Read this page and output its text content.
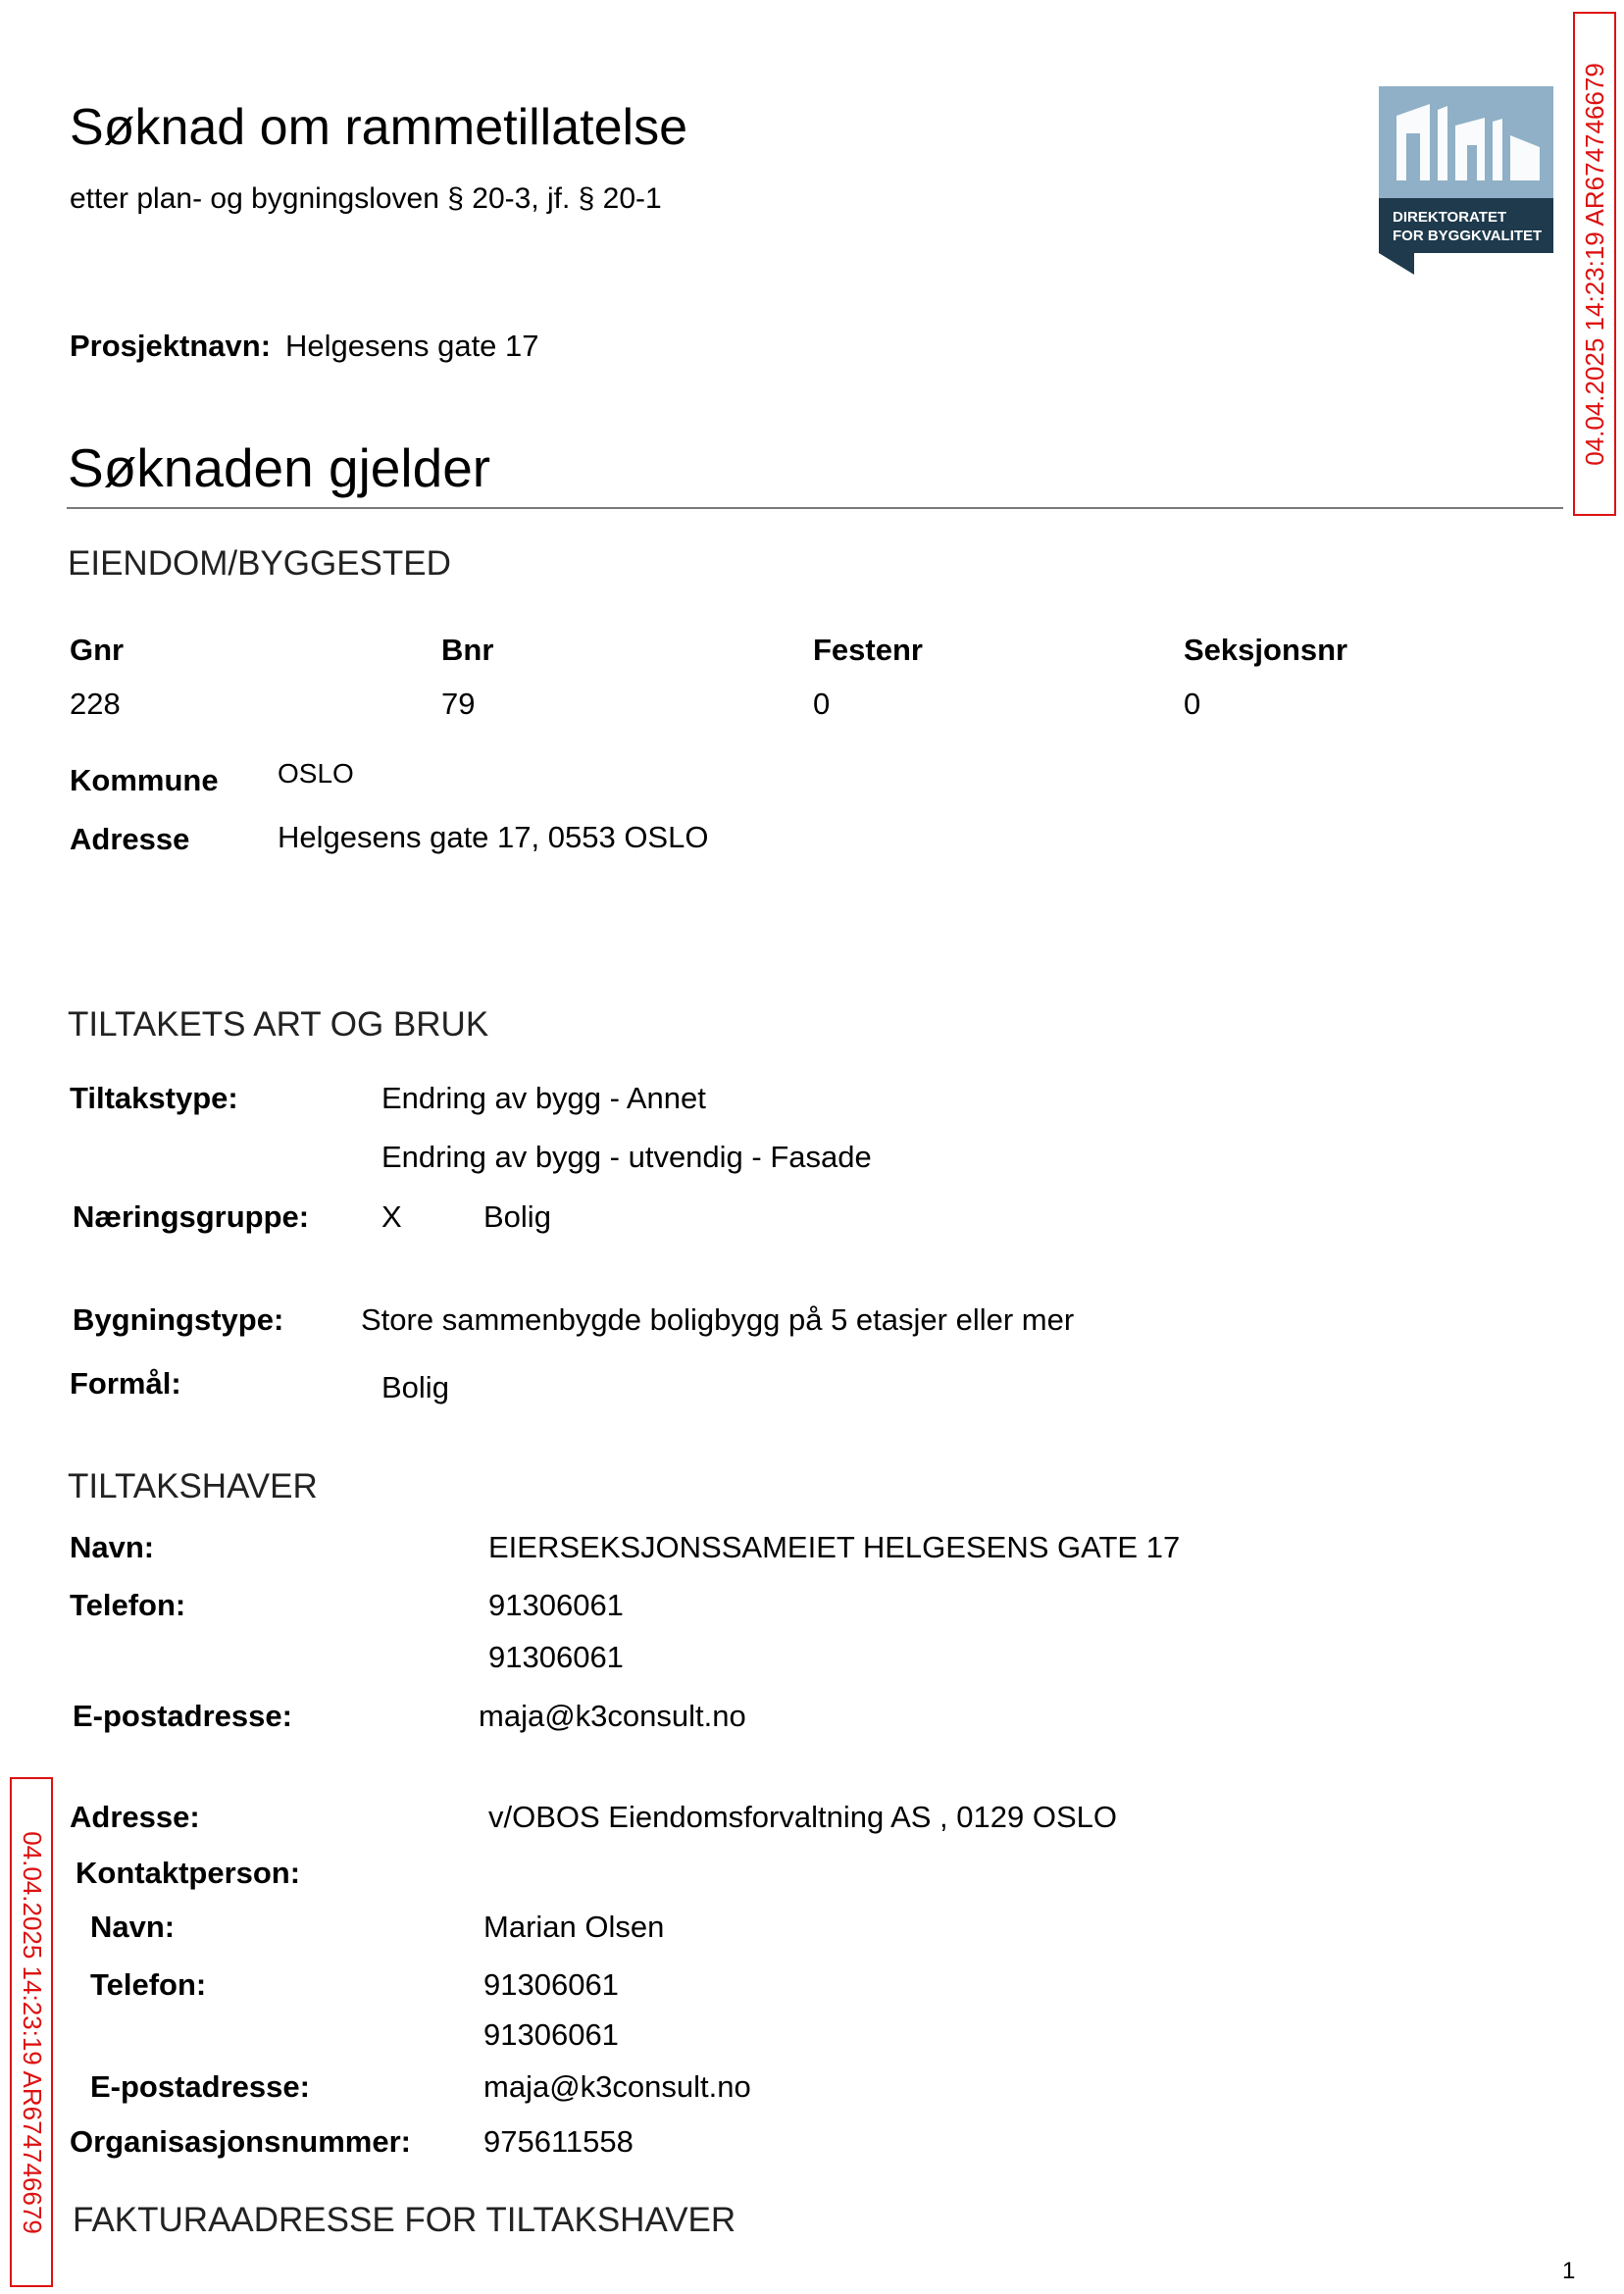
Søknad om rammetillatelse
etter plan- og bygningsloven § 20-3, jf. § 20-1
Prosjektnavn: Helgesens gate 17
DIREKTORATET
FOR BYGGKVALITET 04.04.2025 14:23:19 AR674746679
04.04.2025 14:23:19 AR674746679
Søknaden gjelder
EIENDOM/BYGGESTED
Gnr	Bnr	Festenr	Seksjonsnr
228	79	0	0
Kommune OSLO
Adresse	Helgesens gate 17, 0553 OSLO
TILTAKETS ART OG BRUK
Tiltakstype:	Endring av bygg - Annet
Endring av bygg - utvendig - Fasade
Næringsgruppe: X	Bolig
Bygningstype:	Store sammenbygde boligbygg på 5 etasjer eller mer
Formål:	Bolig
TILTAKSHAVER
Navn:	EIERSEKSJONSSAMEIET HELGESENS GATE 17
Telefon:	91306061
91306061
E-postadresse:	maja@k3consult.no
Adresse:	v/OBOS Eiendomsforvaltning AS , 0129 OSLO
Kontaktperson:
Navn:	Marian Olsen
Telefon:	91306061
91306061
E-postadresse:	maja@k3consult.no
Organisasjonsnummer: 975611558
FAKTURAADRESSE FOR TILTAKSHAVER
1
